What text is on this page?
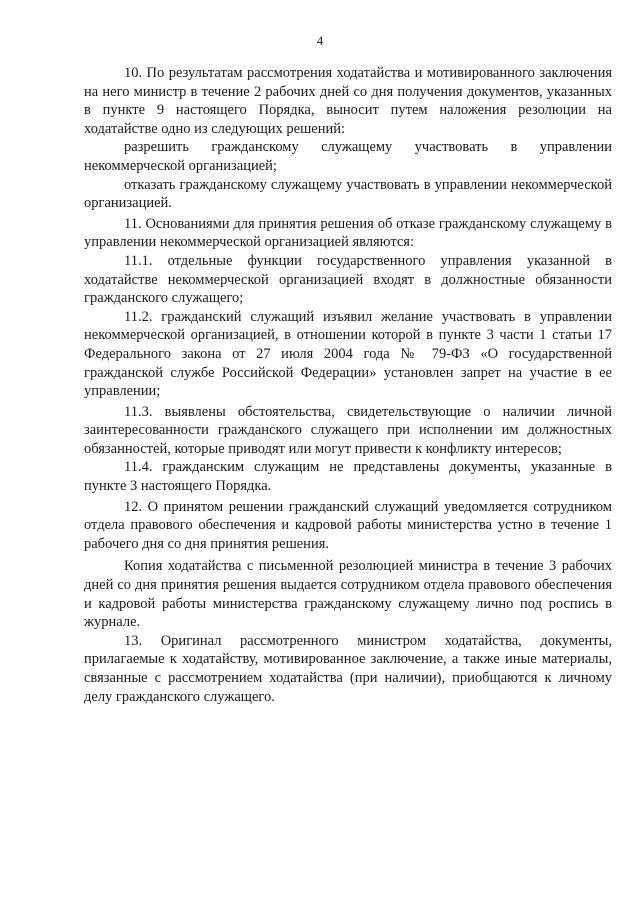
4

10. По результатам рассмотрения ходатайства и мотивированного заключения на него министр в течение 2 рабочих дней со дня получения документов, указанных в пункте 9 настоящего Порядка, выносит путем наложения резолюции на ходатайстве одно из следующих решений:

разрешить гражданскому служащему участвовать в управлении некоммерческой организацией;

отказать гражданскому служащему участвовать в управлении некоммерческой организацией.

11. Основаниями для принятия решения об отказе гражданскому служащему в управлении некоммерческой организацией являются:

11.1. отдельные функции государственного управления указанной в ходатайстве некоммерческой организацией входят в должностные обязанности гражданского служащего;

11.2. гражданский служащий изъявил желание участвовать в управлении некоммерческой организацией, в отношении которой в пункте 3 части 1 статьи 17 Федерального закона от 27 июля 2004 года № 79-ФЗ «О государственной гражданской службе Российской Федерации» установлен запрет на участие в ее управлении;

11.3. выявлены обстоятельства, свидетельствующие о наличии личной заинтересованности гражданского служащего при исполнении им должностных обязанностей, которые приводят или могут привести к конфликту интересов;

11.4. гражданским служащим не представлены документы, указанные в пункте 3 настоящего Порядка.

12. О принятом решении гражданский служащий уведомляется сотрудником отдела правового обеспечения и кадровой работы министерства устно в течение 1 рабочего дня со дня принятия решения.

Копия ходатайства с письменной резолюцией министра в течение 3 рабочих дней со дня принятия решения выдается сотрудником отдела правового обеспечения и кадровой работы министерства гражданскому служащему лично под роспись в журнале.

13. Оригинал рассмотренного министром ходатайства, документы, прилагаемые к ходатайству, мотивированное заключение, а также иные материалы, связанные с рассмотрением ходатайства (при наличии), приобщаются к личному делу гражданского служащего.
